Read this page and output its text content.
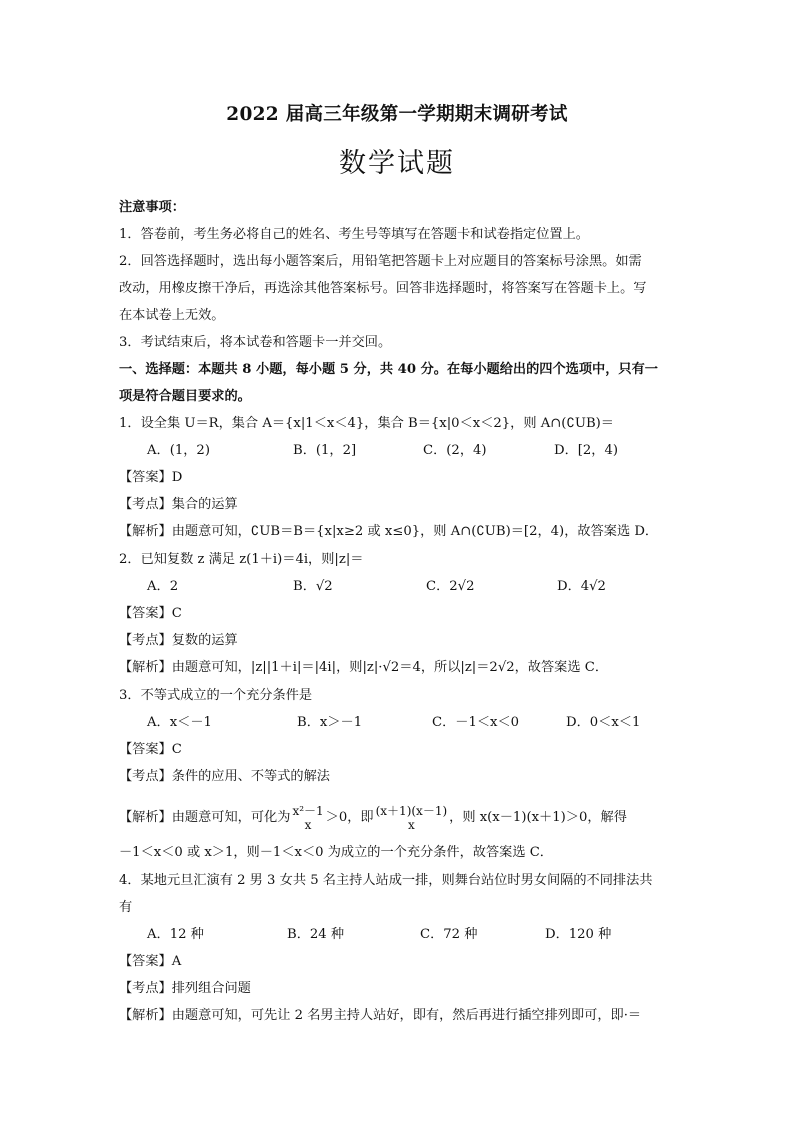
2022 届高三年级第一学期期末调研考试
数学试题
注意事项：
1．答卷前，考生务必将自己的姓名、考生号等填写在答题卡和试卷指定位置上。
2．回答选择题时，选出每小题答案后，用铅笔把答题卡上对应题目的答案标号涂黑。如需
改动，用橡皮擦干净后，再选涂其他答案标号。回答非选择题时，将答案写在答题卡上。写
在本试卷上无效。
3．考试结束后，将本试卷和答题卡一并交回。
一、选择题：本题共 8 小题，每小题 5 分，共 40 分。在每小题给出的四个选项中，只有一
项是符合题目要求的。
1．设全集 U＝R，集合 A＝{x|1＜x＜4}，集合 B＝{x|0＜x＜2}，则 A∩(∁UB)＝
A．(1，2)	B．(1，2]	C．(2，4)	D．[2，4)
【答案】D
【考点】集合的运算
【解析】由题意可知，∁UB＝B＝{x|x≥2 或 x≤0}，则 A∩(∁UB)＝[2，4)，故答案选 D．
2．已知复数 z 满足 z(1＋i)＝4i，则|z|＝
A．2	B．√2	C．2√2	D．4√2
【答案】C
【考点】复数的运算
【解析】由题意可知，|z||1＋i|＝|4i|，则|z|·√2＝4，所以|z|＝2√2，故答案选 C．
3．不等式成立的一个充分条件是
A．x＜－1	B．x＞－1	C．－1＜x＜0	D．0＜x＜1
【答案】C
【考点】条件的应用、不等式的解法
【解析】由题意可知，可化为 x²－1
x	＞0，即 (x＋1)(x－1)
x	，则 x(x－1)(x＋1)＞0，解得
－1＜x＜0 或 x＞1，则－1＜x＜0 为成立的一个充分条件，故答案选 C．
4．某地元旦汇演有 2 男 3 女共 5 名主持人站成一排，则舞台站位时男女间隔的不同排法共
有
A．12 种	B．24 种	C．72 种	D．120 种
【答案】A
【考点】排列组合问题
【解析】由题意可知，可先让 2 名男主持人站好，即有，然后再进行插空排列即可，即·＝
